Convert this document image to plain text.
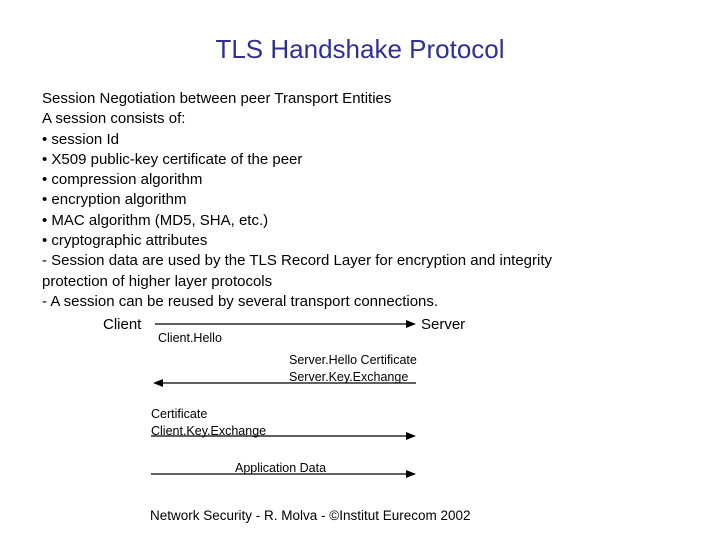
TLS Handshake Protocol
Session Negotiation between peer Transport Entities
A session consists of:
• session Id
• X509 public-key certificate of the peer
• compression algorithm
• encryption algorithm
• MAC algorithm (MD5, SHA, etc.)
• cryptographic attributes
- Session data are used by the TLS Record Layer for encryption and integrity
protection of higher layer protocols
- A session can be reused by several transport connections.
Client	Server
Client.Hello
Server.Hello Certificate
Server.Key.Exchange
Certificate
Client.Key.Exchange
Application Data
Network Security - R. Molva - ©Institut Eurecom 2002
